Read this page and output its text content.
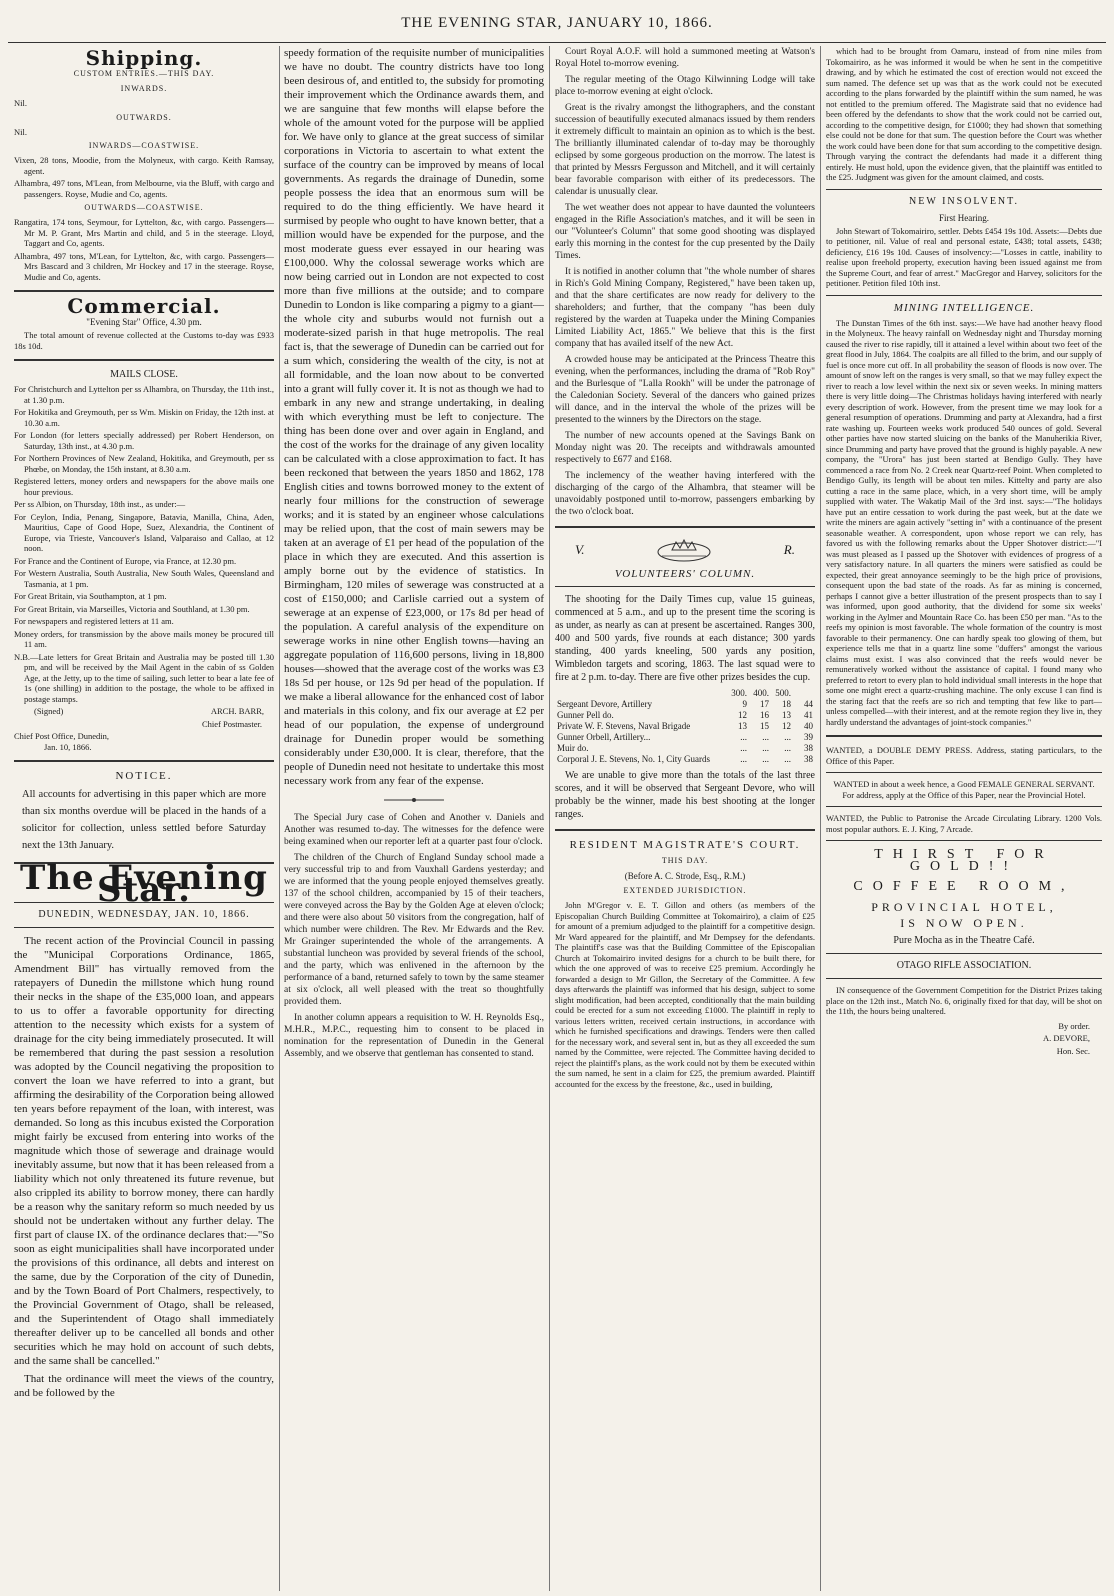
THE EVENING STAR, JANUARY 10, 1866.
Shipping.
CUSTOM ENTRIES.—THIS DAY.
INWARDS.
Nil.
OUTWARDS.
Nil.
INWARDS—COASTWISE.
Vixen, 28 tons, Moodie, from the Molyneux, with cargo. Keith Ramsay, agent.
Alhambra, 497 tons, M'Lean, from Melbourne, via the Bluff, with cargo and passengers. Royse, Mudie and Co, agents.
OUTWARDS—COASTWISE.
Rangatira, 174 tons, Seymour, for Lyttelton, &c, with cargo. Passengers—Mr M. P. Grant, Mrs Martin and child, and 5 in the steerage. Lloyd, Taggart and Co, agents.
Alhambra, 497 tons, M'Lean, for Lyttelton, &c, with cargo. Passengers—Mrs Bascard and 3 children, Mr Hockey and 17 in the steerage. Royse, Mudie and Co, agents.
Commercial.
"Evening Star" Office, 4.30 pm.
The total amount of revenue collected at the Customs to-day was £933 18s 10d.
MAILS CLOSE.
For Christchurch and Lyttelton per ss Alhambra, on Thursday, the 11th inst., at 1.30 p.m.
For Hokitika and Greymouth, per ss Wm. Miskin on Friday, the 12th inst. at 10.30 a.m.
For London (for letters specially addressed) per Robert Henderson, on Saturday, 13th inst., at 4.30 p.m.
For Northern Provinces of New Zealand, Hokitika, and Greymouth, per ss Phœbe, on Monday, the 15th instant, at 8.30 a.m.
Registered letters, money orders and newspapers for the above mails one hour previous.
Per ss Albion, on Thursday, 18th inst., as under:—
For Ceylon, India, Penang, Singapore, Batavia, Manilla, China, Aden, Mauritius, Cape of Good Hope, Suez, Alexandria, the Continent of Europe, via Trieste, Vancouver's Island, Valparaiso and Callao, at 12 noon.
For France and the Continent of Europe, via France, at 12.30 pm.
For Western Australia, South Australia, New South Wales, Queensland and Tasmania, at 1 pm.
For Great Britain, via Southampton, at 1 pm.
For Great Britain, via Marseilles, Victoria and Southland, at 1.30 pm.
For newspapers and registered letters at 11 am.
Money orders, for transmission by the above mails money be procured till 11 am.
N.B.—Late letters for Great Britain and Australia may be posted till 1.30 pm, and will be received by the Mail Agent in the cabin of ss Golden Age, at the Jetty, up to the time of sailing, such letter to bear a late fee of 1s (one shilling) in addition to the postage, the whole to be affixed in postage stamps.
(Signed)	ARCH. BARR,
Chief Postmaster.
Chief Post Office, Dunedin,
Jan. 10, 1866.
NOTICE.
All accounts for advertising in this paper which are more than six months overdue will be placed in the hands of a solicitor for collection, unless settled before Saturday next the 13th January.
The Evening Star.
DUNEDIN, WEDNESDAY, JAN. 10, 1866.
The recent action of the Provincial Council in passing the "Municipal Corporations Ordinance, 1865, Amendment Bill" has virtually removed from the ratepayers of Dunedin the millstone which hung round their necks in the shape of the £35,000 loan, and appears to us to offer a favorable opportunity for directing attention to the necessity which exists for a system of drainage for the city being immediately prosecuted. It will be remembered that during the past session a resolution was adopted by the Council negativing the proposition to convert the loan we have referred to into a grant, but affirming the desirability of the Corporation being allowed ten years before repayment of the loan, with interest, was demanded. So long as this incubus existed the Corporation might fairly be excused from entering into works of the magnitude which those of sewerage and drainage would inevitably assume, but now that it has been released from a liability which not only threatened its future revenue, but also crippled its ability to borrow money, there can hardly be a reason why the sanitary reform so much needed by us should not be undertaken without any further delay. The first part of clause IX. of the ordinance declares that:—"So soon as eight municipalities shall have incorporated under the provisions of this ordinance, all debts and interest on the same, due by the Corporation of the city of Dunedin, and by the Town Board of Port Chalmers, respectively, to the Provincial Government of Otago, shall be released, and the Superintendent of Otago shall immediately thereafter deliver up to be cancelled all bonds and other securities which he may hold on account of such debts, and the same shall be cancelled."
That the ordinance will meet the views of the country, and be followed by the
speedy formation of the requisite number of municipalities we have no doubt. The country districts have too long been desirous of, and entitled to, the subsidy for promoting their improvement which the Ordinance awards them, and we are sanguine that few months will elapse before the whole of the amount voted for the purpose will be applied for. We have only to glance at the great success of similar corporations in Victoria to ascertain to what extent the surface of the country can be improved by means of local governments. As regards the drainage of Dunedin, some people possess the idea that an enormous sum will be required to do the thing efficiently. We have heard it surmised by people who ought to have known better, that a million would have be expended for the purpose, and the most moderate guess ever essayed in our hearing was £100,000. Why the colossal sewerage works which are now being carried out in London are not expected to cost more than five millions at the outside; and to compare Dunedin to London is like comparing a pigmy to a giant—the whole city and suburbs would not furnish out a moderate-sized parish in that huge metropolis. The real fact is, that the sewerage of Dunedin can be carried out for a sum which, considering the wealth of the city, is not at all formidable, and the loan now about to be converted into a grant will fully cover it. It is not as though we had to embark in any new and strange undertaking, in dealing with which everything must be left to conjecture. The thing has been done over and over again in England, and the cost of the works for the drainage of any given locality can be calculated with a close approximation to fact. It has been reckoned that between the years 1850 and 1862, 178 English cities and towns borrowed money to the extent of nearly four millions for the construction of sewerage works; and it is stated by an engineer whose calculations may be relied upon, that the cost of main sewers may be taken at an average of £1 per head of the population of the place in which they are executed. And this assertion is amply borne out by the evidence of statistics. In Birmingham, 120 miles of sewerage was constructed at a cost of £150,000; and Carlisle carried out a system of sewerage at an expense of £23,000, or 17s 8d per head of the population. A careful analysis of the expenditure on sewerage works in nine other English towns—having an aggregate population of 116,600 persons, living in 18,800 houses—showed that the average cost of the works was £3 18s 5d per house, or 12s 9d per head of the population. If we make a liberal allowance for the enhanced cost of labor and materials in this colony, and fix our average at £2 per head of our population, the expense of underground drainage for Dunedin proper would be something considerably under £30,000. It is clear, therefore, that the people of Dunedin need not hesitate to undertake this most necessary work from any fear of the expense.
The Special Jury case of Cohen and Another v. Daniels and Another was resumed to-day. The witnesses for the defence were being examined when our reporter left at a quarter past four o'clock.
The children of the Church of England Sunday school made a very successful trip to and from Vauxhall Gardens yesterday; and we are informed that the young people enjoyed themselves greatly. 137 of the school children, accompanied by 15 of their teachers, were conveyed across the Bay by the Golden Age at eleven o'clock; and there were also about 50 visitors from the congregation, half of which number were children. The Rev. Mr Edwards and the Rev. Mr Grainger superintended the whole of the arrangements. A substantial luncheon was provided by several friends of the school, and the party, which was enlivened in the afternoon by the performance of a band, returned safely to town by the same steamer at six o'clock, all well pleased with the treat so thoughtfully provided them.
In another column appears a requisition to W. H. Reynolds Esq., M.H.R., M.P.C., requesting him to consent to be placed in nomination for the representation of Dunedin in the General Assembly, and we observe that gentleman has consented to stand.
Court Royal A.O.F. will hold a summoned meeting at Watson's Royal Hotel to-morrow evening.
The regular meeting of the Otago Kilwinning Lodge will take place to-morrow evening at eight o'clock.
Great is the rivalry amongst the lithographers, and the constant succession of beautifully executed almanacs issued by them renders it extremely difficult to maintain an opinion as to which is the best. The brilliantly illuminated calendar of to-day may be thoroughly eclipsed by some gorgeous production on the morrow. The latest is that printed by Messrs Fergusson and Mitchell, and it will certainly bear favorable comparison with either of its predecessors. The calendar is unusually clear.
The wet weather does not appear to have daunted the volunteers engaged in the Rifle Association's matches, and it will be seen in our "Volunteer's Column" that some good shooting was displayed early this morning in the contest for the cup presented by the Daily Times.
It is notified in another column that "the whole number of shares in Rich's Gold Mining Company, Registered," have been taken up, and that the share certificates are now ready for delivery to the shareholders; and further, that the company "has been duly registered by the warden at Tuapeka under the Mining Companies Limited Liability Act, 1865." We believe that this is the first company that has availed itself of the new Act.
A crowded house may be anticipated at the Princess Theatre this evening, when the performances, including the drama of "Rob Roy" and the Burlesque of "Lalla Rookh" will be under the patronage of the Caledonian Society. Several of the dancers who gained prizes will dance, and in the interval the whole of the prizes will be presented to the winners by the Directors on the stage.
The number of new accounts opened at the Savings Bank on Monday night was 20. The receipts and withdrawals amounted respectively to £677 and £168.
The inclemency of the weather having interfered with the discharging of the cargo of the Alhambra, that steamer will be unavoidably postponed until to-morrow, passengers embarking by the two o'clock boat.
V.	R.
VOLUNTEERS' COLUMN.
The shooting for the Daily Times cup, value 15 guineas, commenced at 5 a.m., and up to the present time the scoring is as under, as nearly as can at present be ascertained. Ranges 300, 400 and 500 yards, five rounds at each distance; 300 yards standing, 400 yards kneeling, 500 yards any position, Wimbledon targets and scoring, 1863. The last squad were to fire at 2 p.m. to-day. There are five other prizes besides the cup.
	300.	400.	500.	
Sergeant Devore, Artillery	9	17	18	44
Gunner Pell do.	12	16	13	41
Private W. F. Stevens, Naval Brigade	13	15	12	40
Gunner Orbell, Artillery...	...	...	...	39
Muir do.	...	...	...	38
Corporal J. E. Stevens, No. 1, City Guards	...	...	...	38
We are unable to give more than the totals of the last three scores, and it will be observed that Sergeant Devore, who will probably be the winner, made his best shooting at the longer ranges.
RESIDENT MAGISTRATE'S COURT.
THIS DAY.
(Before A. C. Strode, Esq., R.M.)
EXTENDED JURISDICTION.
John M'Gregor v. E. T. Gillon and others (as members of the Episcopalian Church Building Committee at Tokomairiro), a claim of £25 for amount of a premium adjudged to the plaintiff for a competitive design. Mr Ward appeared for the plaintiff, and Mr Dempsey for the defendants. The plaintiff's case was that the Building Committee of the Episcopalian Church at Tokomairiro invited designs for a church to be built there, for which the one approved of was to receive £25 premium. Accordingly he forwarded a design to Mr Gillon, the Secretary of the Committee. A few days afterwards the plaintiff was informed that his design, subject to some slight modification, had been accepted, conditionally that the main building could be erected for a sum not exceeding £1000. The plaintiff in reply to various letters written, received certain instructions, in accordance with which he furnished specifications and drawings. Tenders were then called for the necessary work, and several sent in, but as they all exceeded the sum named by the Committee, were rejected. The Committee having decided to reject the plaintiff's plans, as the work could not by them be executed within the sum named, he sent in a claim for £25, the premium awarded. Plaintiff accounted for the excess by the freestone, &c., used in building,
which had to be brought from Oamaru, instead of from nine miles from Tokomairiro, as he was informed it would be when he sent in the competitive drawing, and by which he estimated the cost of erection would not exceed the sum named. The defence set up was that as the work could not be executed according to the plans forwarded by the plaintiff within the sum named, he was not entitled to the premium offered. The Magistrate said that no evidence had been offered by the defendants to show that the work could not be carried out, according to the competitive design, for £1000; they had shown that something else could not be done for that sum. The question before the Court was whether the work could have been done for that sum according to the competitive design. Through varying the contract the defendants had made it a different thing entirely. He must hold, upon the evidence given, that the plaintiff was entitled to the £25. Judgment was given for the amount claimed, and costs.
NEW INSOLVENT.
First Hearing.
John Stewart of Tokomairiro, settler. Debts £454 19s 10d. Assets:—Debts due to petitioner, nil. Value of real and personal estate, £438; total assets, £438; deficiency, £16 19s 10d. Causes of insolvency:—"Losses in cattle, inability to realise upon freehold property, execution having been issued against me from the Supreme Court, and fear of arrest." MacGregor and Harvey, solicitors for the petitioner. Petition filed 10th inst.
MINING INTELLIGENCE.
The Dunstan Times of the 6th inst. says:—We have had another heavy flood in the Molyneux. The heavy rainfall on Wednesday night and Thursday morning caused the river to rise rapidly, till it attained a level within about two feet of the great flood in July, 1864. The coalpits are all filled to the brim, and our supply of fuel is once more cut off. In all probability the season of floods is now over. The amount of snow left on the ranges is very small, so that we may fulley expect the river to reach a low level within the next six or seven weeks. In mining matters there is very little doing—The Christmas holidays having interfered with nearly every description of work. However, from the present time we may look for a general resumption of operations. Drumming and party at Alexandra, had a first rate washing up. Fourteen weeks work produced 540 ounces of gold. Several other parties have now started sluicing on the banks of the Manuherikia River, since Drumming and party have proved that the ground is highly payable. A new company, the "Urora" has just been started at Bendigo Gully. They have commenced a race from No. 2 Creek near Quartz-reef Point. When completed to Bendigo Gully, its length will be about ten miles. Kittelty and party are also cutting a race in the same place, which, in a very short time, will be amply supplied with water. The Wakatip Mail of the 3rd inst. says:—"The holidays have put an entire cessation to work during the past week, but at the date we write the miners are again actively "setting in" with a continuance of the present seasonable weather. A correspondent, upon whose report we can rely, has favored us with the following remarks about the Upper Shotover district:—"I was must pleased as I passed up the Shotover with evidences of progress of a very satisfactory nature. In all quarters the miners were satisfied as could be expected, their great annoyance seemingly to be the high price of provisions, consequent upon the bad state of the roads. As far as mining is concerned, perhaps I cannot give a better illustration of the present prospects than to say I was informed, upon good authority, that the dividend for some six weeks' working in the Aylmer and Mountain Race Co. has been £50 per man. "As to the reefs my opinion is most favorable. The whole formation of the country is most favorable to their permanency. One can hardly speak too glowing of them, but experience tells me that in a quartz line some "duffers" amongst the various claims must exist. I was also convinced that the reefs would never be remuneratively worked without the assistance of capital. I found many who preferred to retort to every plan to hold individual small interests in the hope that some one might erect a quartz-crushing machine. The only excuse I can find is the staring fact that the reefs are so rich and tempting that few like to part—unless compelled—with their interest, and at the remote region they live in, they hardly understand the advantages of joint-stock companies."
WANTED, a DOUBLE DEMY PRESS. Address, stating particulars, to the Office of this Paper.
WANTED in about a week hence, a Good FEMALE GENERAL SERVANT.
For address, apply at the Office of this Paper, near the Provincial Hotel.
WANTED, the Public to Patronise the Arcade Circulating Library. 1200 Vols. most popular authors. E. J. King, 7 Arcade.
THIRST FOR GOLD!!
COFFEE ROOM,
PROVINCIAL HOTEL,
IS NOW OPEN.
Pure Mocha as in the Theatre Café.
OTAGO RIFLE ASSOCIATION.
IN consequence of the Government Competition for the District Prizes taking place on the 12th inst., Match No. 6, originally fixed for that day, will be shot on the 11th, the hours being unaltered.
By order.
A. DEVORE,
Hon. Sec.
